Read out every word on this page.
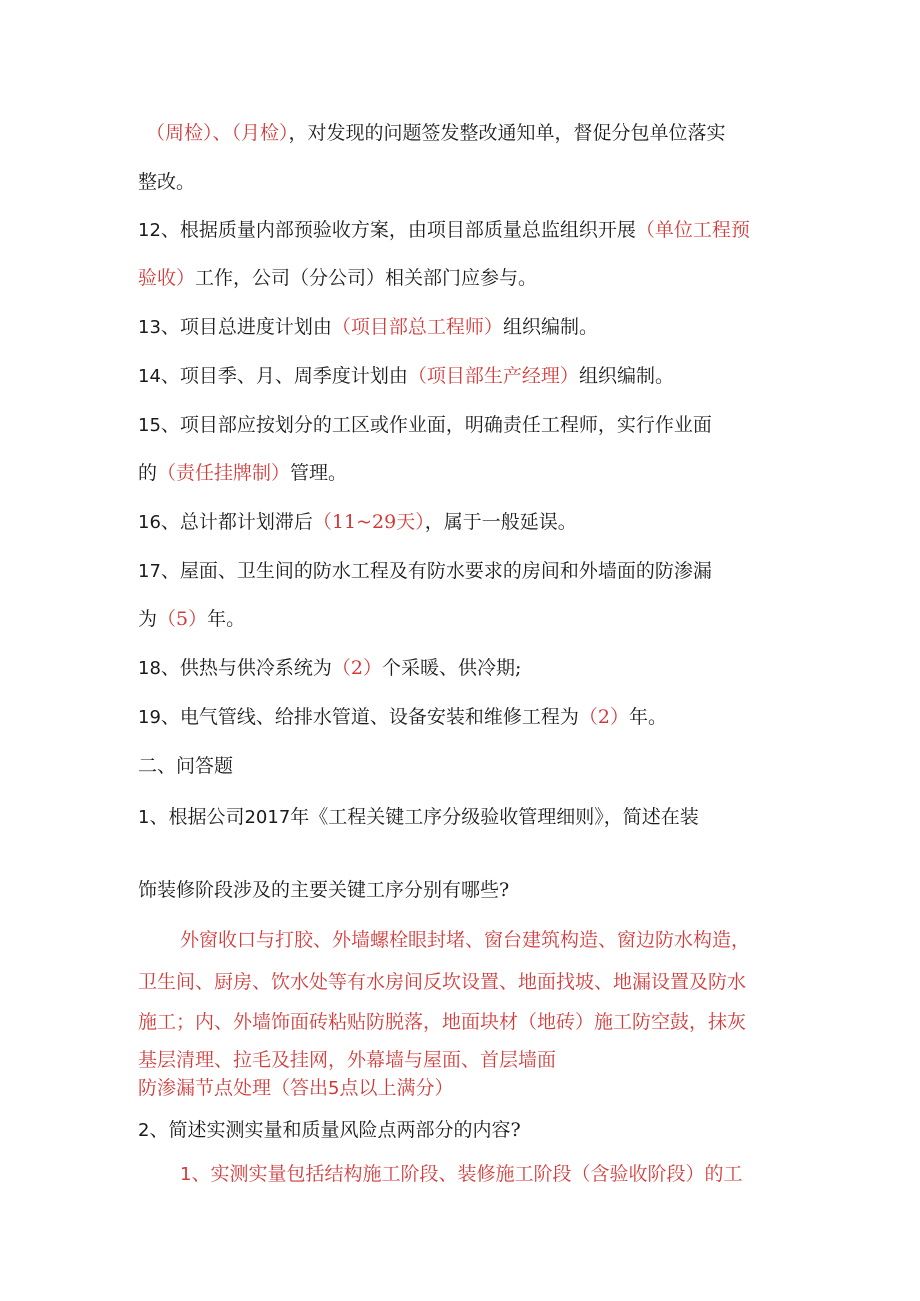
（周检）、（月检），对发现的问题签发整改通知单，督促分包单位落实
整改。
12、根据质量内部预验收方案，由项目部质量总监组织开展（单位工程预
验收）工作，公司（分公司）相关部门应参与。
13、项目总进度计划由（项目部总工程师）组织编制。
14、项目季、月、周季度计划由（项目部生产经理）组织编制。
15、项目部应按划分的工区或作业面，明确责任工程师，实行作业面
的（责任挂牌制）管理。
16、总计都计划滞后（11~29天），属于一般延误。
17、屋面、卫生间的防水工程及有防水要求的房间和外墙面的防渗漏
为（5）年。
18、供热与供冷系统为（2）个采暖、供冷期;
19、电气管线、给排水管道、设备安装和维修工程为（2）年。
二、问答题
1、根据公司2017年《工程关键工序分级验收管理细则》，简述在装
饰装修阶段涉及的主要关键工序分别有哪些?
外窗收口与打胶、外墙螺栓眼封堵、窗台建筑构造、窗边防水构造，
卫生间、厨房、饮水处等有水房间反坎设置、地面找坡、地漏设置及防水
施工；内、外墙饰面砖粘贴防脱落，地面块材（地砖）施工防空鼓，抹灰
基层清理、拉毛及挂网，外幕墙与屋面、首层墙面
防渗漏节点处理（答出5点以上满分）
2、简述实测实量和质量风险点两部分的内容?
1、实测实量包括结构施工阶段、装修施工阶段（含验收阶段）的工
